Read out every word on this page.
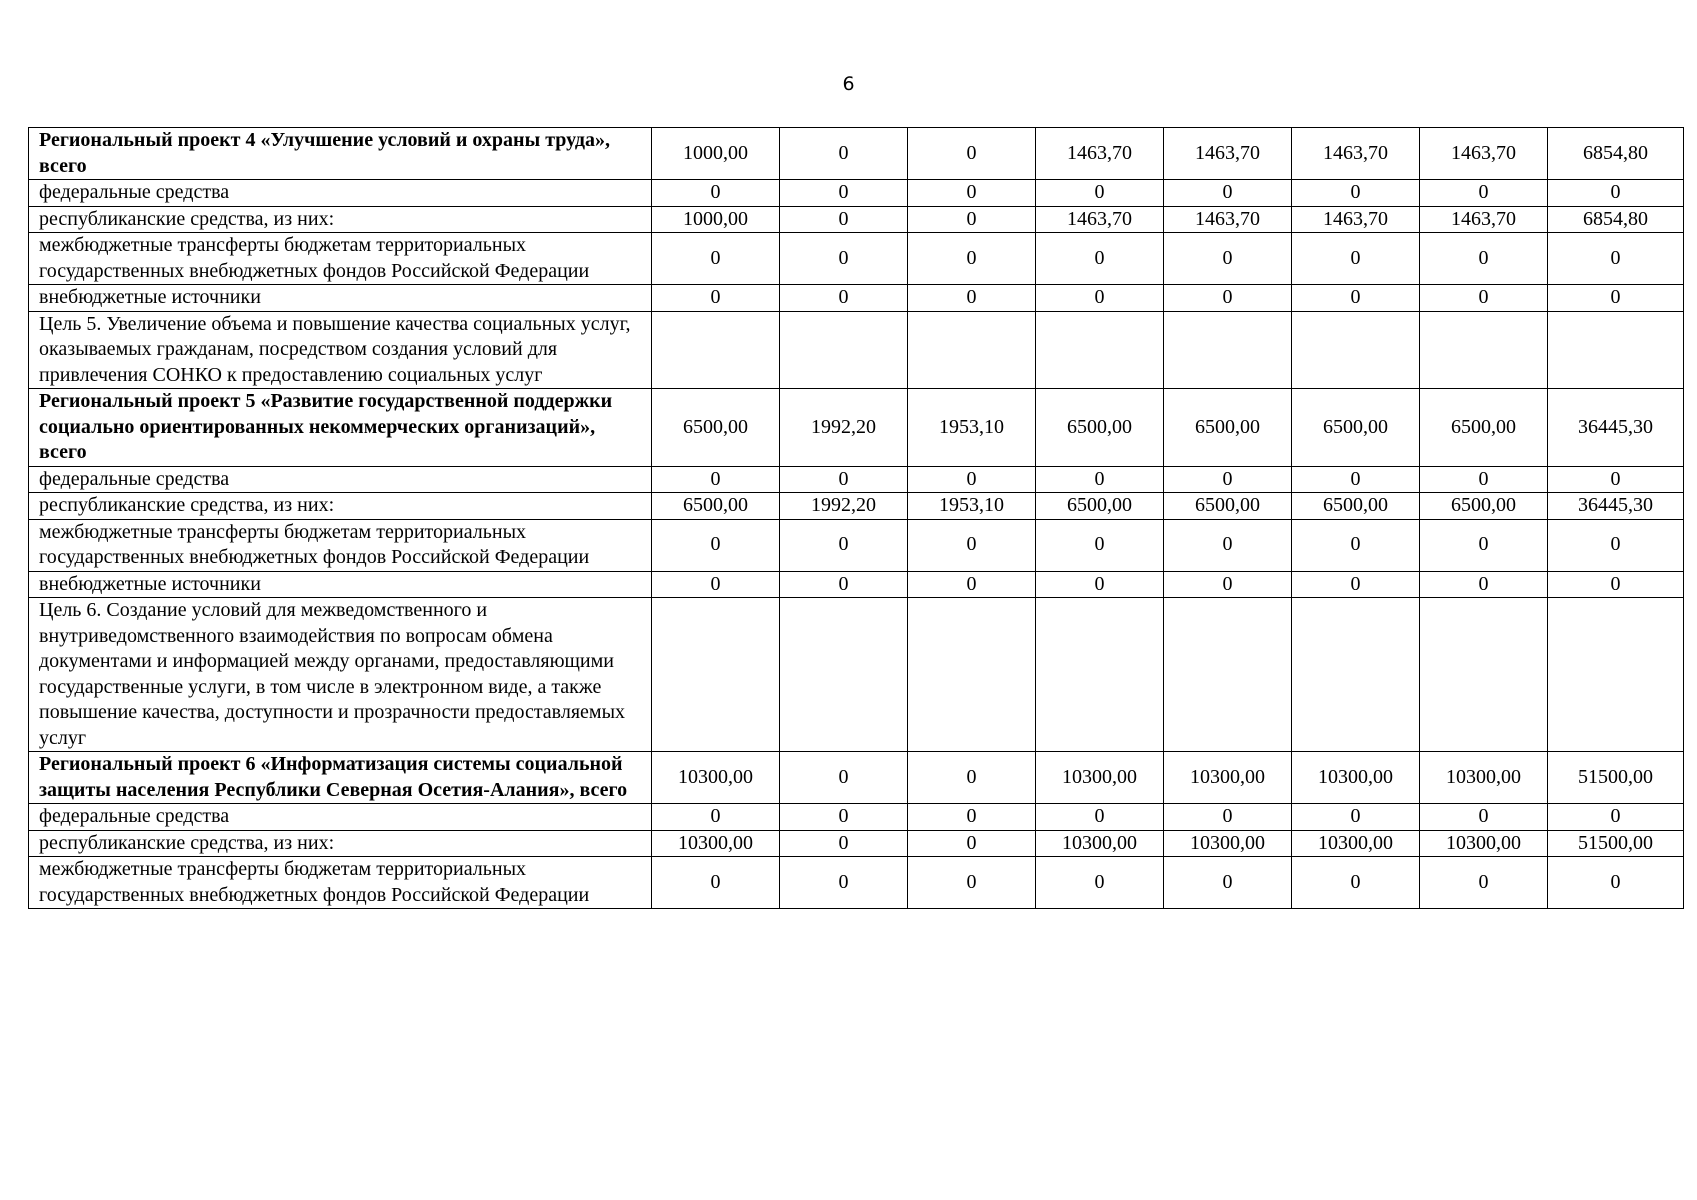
6
Региональный проект 4 «Улучшение условий и охраны труда», всего	1000,00	0	0	1463,70	1463,70	1463,70	1463,70	6854,80
федеральные средства	0	0	0	0	0	0	0	0
республиканские средства, из них:	1000,00	0	0	1463,70	1463,70	1463,70	1463,70	6854,80
межбюджетные трансферты бюджетам территориальных государственных внебюджетных фондов Российской Федерации	0	0	0	0	0	0	0	0
внебюджетные источники	0	0	0	0	0	0	0	0
Цель 5. Увеличение объема и повышение качества социальных услуг, оказываемых гражданам, посредством создания условий для привлечения СОНКО к предоставлению социальных услуг								
Региональный проект 5 «Развитие государственной поддержки социально ориентированных некоммерческих организаций», всего	6500,00	1992,20	1953,10	6500,00	6500,00	6500,00	6500,00	36445,30
федеральные средства	0	0	0	0	0	0	0	0
республиканские средства, из них:	6500,00	1992,20	1953,10	6500,00	6500,00	6500,00	6500,00	36445,30
межбюджетные трансферты бюджетам территориальных государственных внебюджетных фондов Российской Федерации	0	0	0	0	0	0	0	0
внебюджетные источники	0	0	0	0	0	0	0	0
Цель 6. Создание условий для межведомственного и внутриведомственного взаимодействия по вопросам обмена документами и информацией между органами, предоставляющими государственные услуги, в том числе в электронном виде, а также повышение качества, доступности и прозрачности предоставляемых услуг								
Региональный проект 6 «Информатизация системы социальной защиты населения Республики Северная Осетия-Алания», всего	10300,00	0	0	10300,00	10300,00	10300,00	10300,00	51500,00
федеральные средства	0	0	0	0	0	0	0	0
республиканские средства, из них:	10300,00	0	0	10300,00	10300,00	10300,00	10300,00	51500,00
межбюджетные трансферты бюджетам территориальных государственных внебюджетных фондов Российской Федерации	0	0	0	0	0	0	0	0
